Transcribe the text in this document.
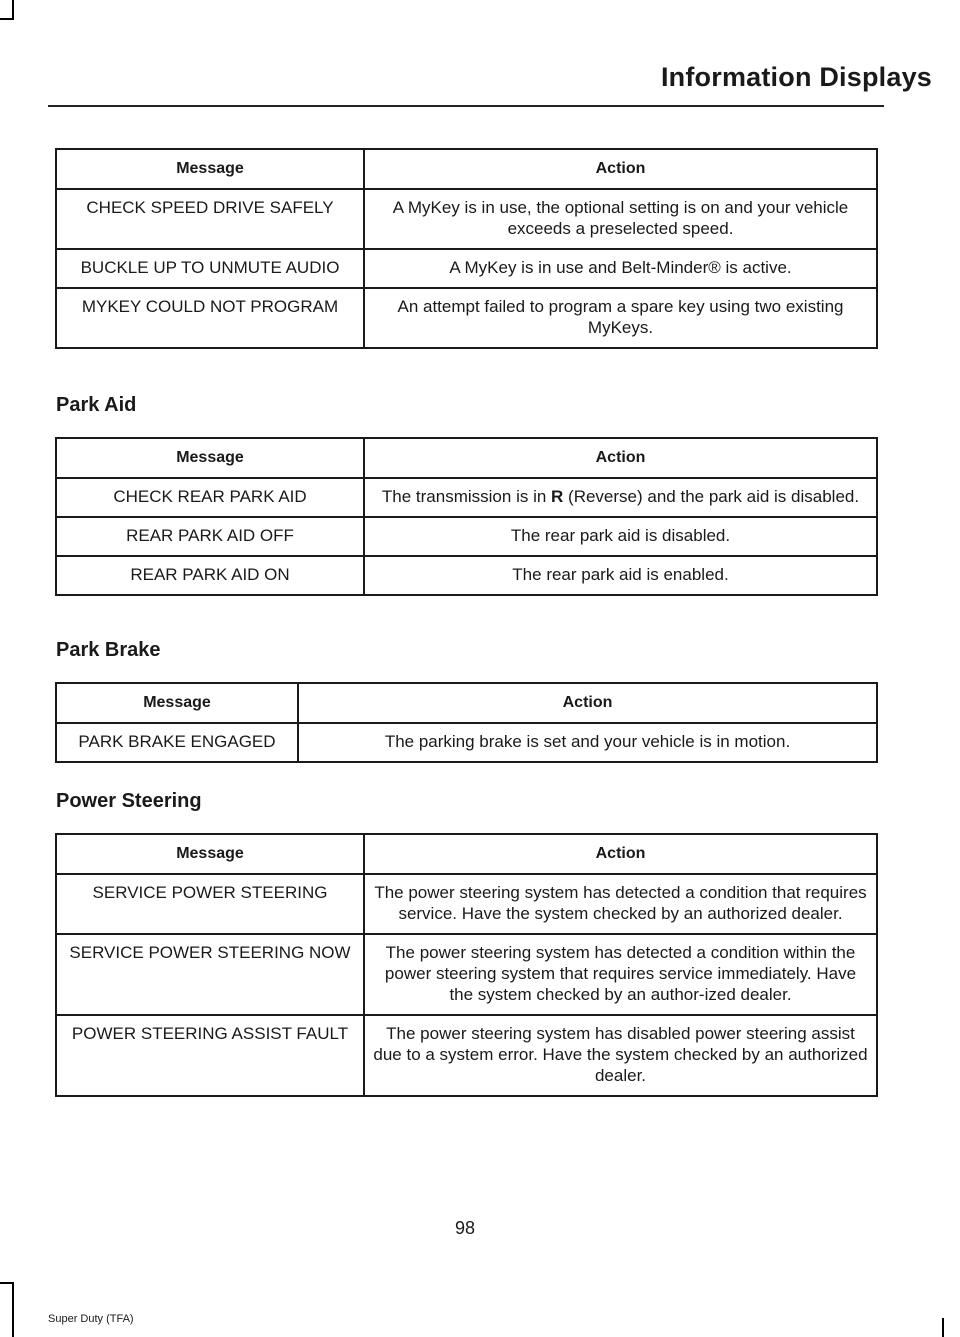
Information Displays
Message	Action
CHECK SPEED DRIVE SAFELY	A MyKey is in use, the optional setting is on and your vehicle exceeds a preselected speed.
BUCKLE UP TO UNMUTE AUDIO	A MyKey is in use and Belt-Minder® is active.
MYKEY COULD NOT PROGRAM	An attempt failed to program a spare key using two existing MyKeys.
Park Aid
Message	Action
CHECK REAR PARK AID	The transmission is in R (Reverse) and the park aid is disabled.
REAR PARK AID OFF	The rear park aid is disabled.
REAR PARK AID ON	The rear park aid is enabled.
Park Brake
Message	Action
PARK BRAKE ENGAGED	The parking brake is set and your vehicle is in motion.
Power Steering
Message	Action
SERVICE POWER STEERING	The power steering system has detected a condition that requires service. Have the system checked by an authorized dealer.
SERVICE POWER STEERING NOW	The power steering system has detected a condition within the power steering system that requires service immediately. Have the system checked by an author-ized dealer.
POWER STEERING ASSIST FAULT	The power steering system has disabled power steering assist due to a system error. Have the system checked by an authorized dealer.
98
Super Duty (TFA)
